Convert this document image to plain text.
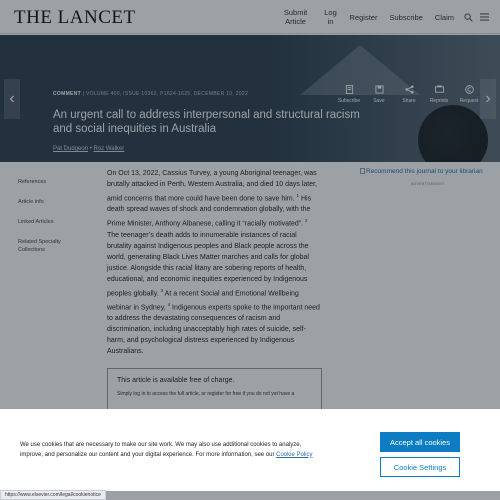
THE LANCET	Submit Article
Log in	Register	Subscribe	Claim
‹	›
COMMENT | VOLUME 400, ISSUE 10362, P1624-1625, DECEMBER 10, 2022
Subscribe	Save	Share	Reprints	Request
An urgent call to address interpersonal and structural racism and social inequities in Australia
Pat Dudgeon • Roz Walker
References
Article info
Linked Articles
Related Specialty Collections
On Oct 13, 2022, Cassius Turvey, a young Aboriginal teenager, was brutally attacked in Perth, Western Australia, and died 10 days later, amid concerns that more could have been done to save him. $^1$ His death spread waves of shock and condemnation globally, with the Prime Minister, Anthony Albanese, calling it “racially motivated”. $^2$ The teenager’s death adds to innumerable instances of racial brutality against Indigenous peoples and Black people across the world, generating Black Lives Matter marches and calls for global justice. Alongside this racial litany are sobering reports of health, educational, and economic inequities experienced by Indigenous peoples globally. $^3$ At a recent Social and Emotional Wellbeing webinar in Sydney, $^4$ Indigenous experts spoke to the important need to address the devastating consequences of racism and discrimination, including unacceptably high rates of suicide, self-harm, and psychological distress experienced by Indigenous Australians.
Recommend this journal to your librarian
ADVERTISEMENT
This article is available free of charge.
Simply log in to access the full article, or register for free if you do not yet have a
We use cookies that are necessary to make our site work. We may also use additional cookies to analyze, improve, and personalize our content and your digital experience. For more information, see our Cookie Policy
Accept all cookies
Cookie Settings
https://www.elsevier.com/legal/cookienotice
